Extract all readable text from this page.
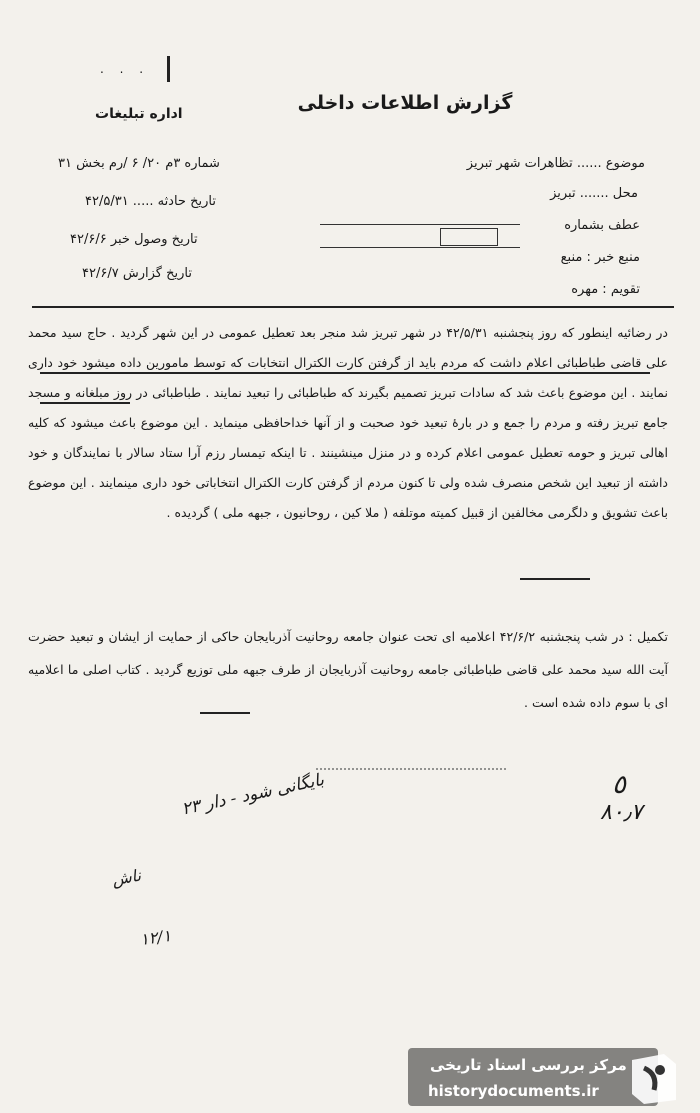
. . .
گزارش اطلاعات داخلی
اداره تبلیغات
موضوع ...... تظاهرات شهر تبریز
محل ....... تبریز
عطف بشماره
منبع خبر : منبع
تقویم : مهره
شماره ۳م ۲۰/ ۶ /رم بخش ۳۱
تاریخ حادثه ..... ۴۲/۵/۳۱
تاریخ وصول خبر ۴۲/۶/۶
تاریخ گزارش ۴۲/۶/۷
در رضائیه اینطور که روز پنجشنبه ۴۲/۵/۳۱ در شهر تبریز شد منجر بعد تعطیل عمومی در این شهر گردید . حاج سید محمد علی قاضی طباطبائی اعلام داشت که مردم باید از گرفتن کارت الکترال انتخابات که توسط مامورین داده میشود خود داری نمایند . این موضوع باعث شد که سادات تبریز تصمیم بگیرند که طباطبائی را تبعید نمایند . طباطبائی در روز مبلغانه و مسجد جامع تبریز رفته و مردم را جمع و در بارۀ تبعید خود صحبت و از آنها خداحافظی مینماید . این موضوع باعث میشود که کلیه اهالی تبریز و حومه تعطیل عمومی اعلام کرده و در منزل مینشینند . تا اینکه تیمسار رزم آرا ستاد سالار با نمایندگان و خود داشته از تبعید این شخص منصرف شده ولی تا کنون مردم از گرفتن کارت الکترال انتخاباتی خود داری مینمایند . این موضوع باعث تشویق و دلگرمی مخالفین از قبیل کمیته موتلفه ( ملا کین ، روحانیون ، جبهه ملی ) گردیده .
تکمیل : در شب پنجشنبه ۴۲/۶/۲ اعلامیه ای تحت عنوان جامعه روحانیت آذربایجان حاکی از حمایت از ایشان و تبعید حضرت آیت الله سید محمد علی قاضی طباطبائی جامعه روحانیت آذربایجان از طرف جبهه ملی توزیع گردید . کتاب اصلی ما اعلامیه ای با سوم داده شده است .
٥
۸۰٫۷
بایگانی شود - دار ۲۳
ناش
۱۲/۱
مرکز بررسی اسناد تاریخی
historydocuments.ir
